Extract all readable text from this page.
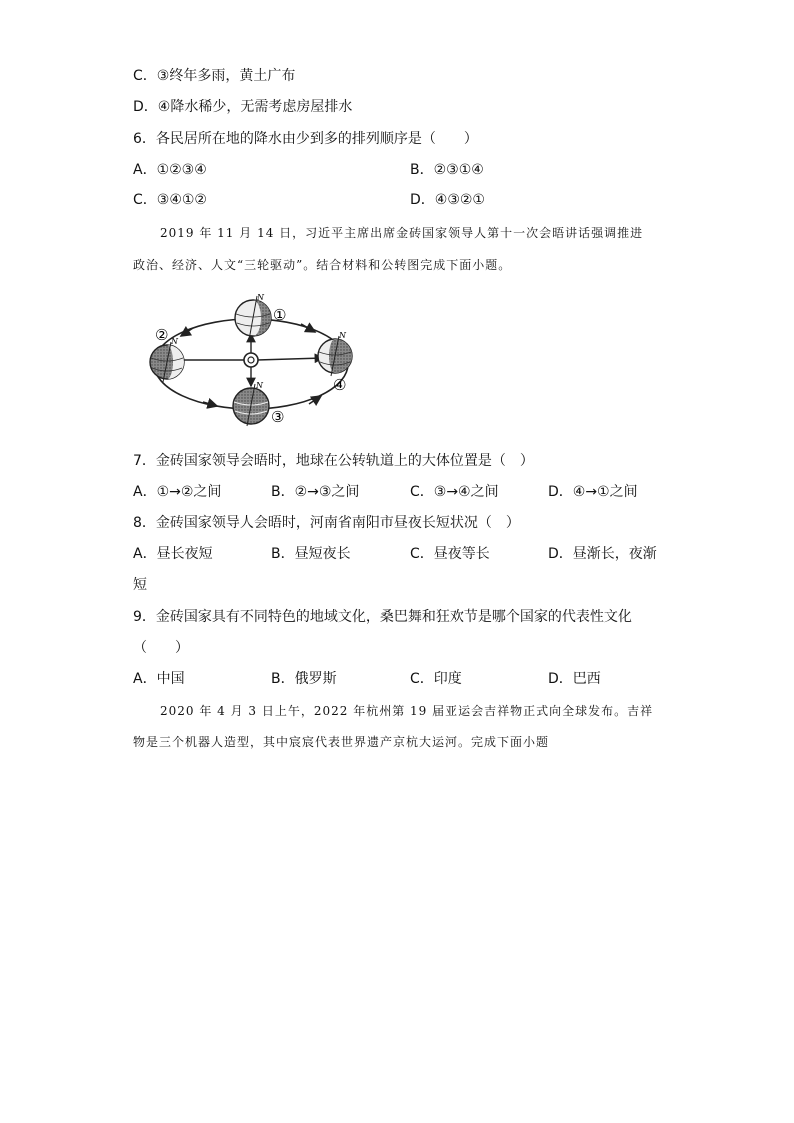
C．③终年多雨，黄土广布
D．④降水稀少，无需考虑房屋排水
6．各民居所在地的降水由少到多的排列顺序是（　　）
A．①②③④	B．②③①④
C．③④①②	D．④③②①
2019 年 11 月 14 日，习近平主席出席金砖国家领导人第十一次会晤讲话强调推进
政治、经济、人文“三轮驱动”。结合材料和公转图完成下面小题。
N
N
N
N
①
②
③
④
7．金砖国家领导会晤时，地球在公转轨道上的大体位置是（　）
A．①→②之间	B．②→③之间	C．③→④之间	D．④→①之间
8．金砖国家领导人会晤时，河南省南阳市昼夜长短状况（　）
A．昼长夜短	B．昼短夜长	C．昼夜等长	D．昼渐长，夜渐
短
9．金砖国家具有不同特色的地域文化，桑巴舞和狂欢节是哪个国家的代表性文化
（　　）
A．中国	B．俄罗斯	C．印度	D．巴西
2020 年 4 月 3 日上午，2022 年杭州第 19 届亚运会吉祥物正式向全球发布。吉祥
物是三个机器人造型，其中宸宸代表世界遗产京杭大运河。完成下面小题
